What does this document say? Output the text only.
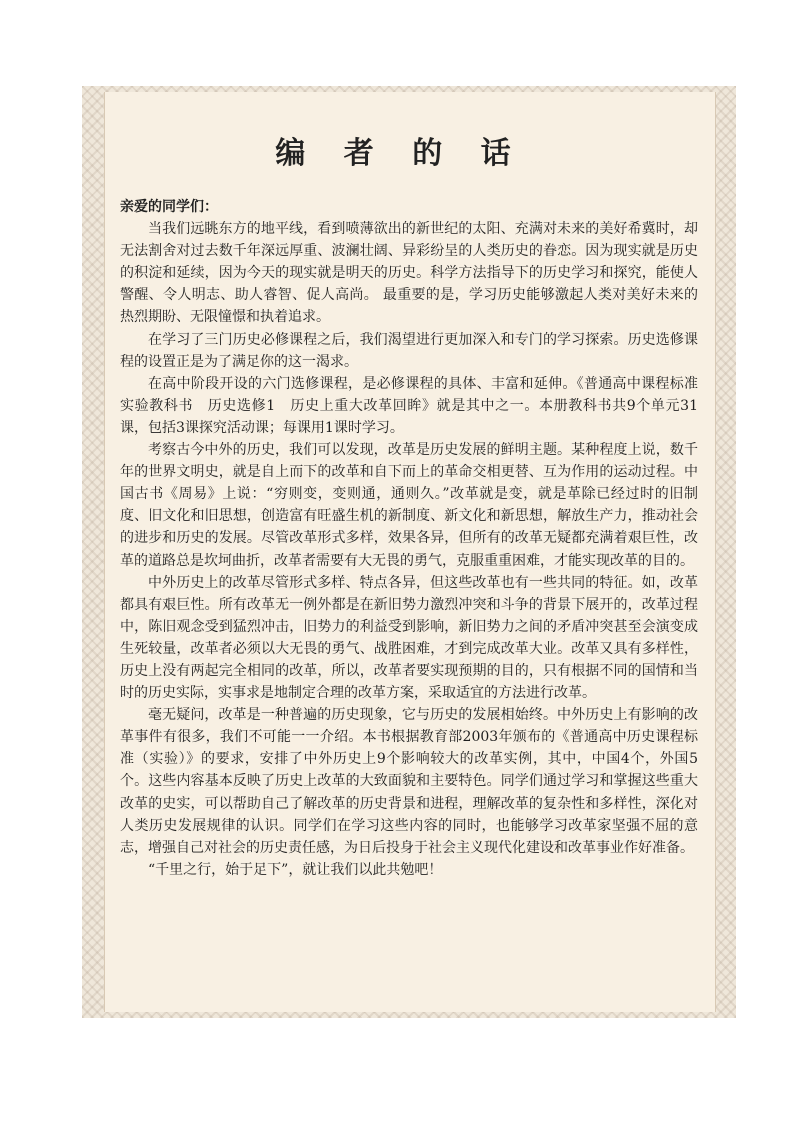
编 者 的 话

亲爱的同学们：

当我们远眺东方的地平线，看到喷薄欲出的新世纪的太阳、充满对未来的美好希冀时，却无法割舍对过去数千年深远厚重、波澜壮阔、异彩纷呈的人类历史的眷恋。因为现实就是历史的积淀和延续，因为今天的现实就是明天的历史。科学方法指导下的历史学习和探究，能使人警醒、令人明志、助人睿智、促人高尚。 最重要的是，学习历史能够激起人类对美好未来的热烈期盼、无限憧憬和执着追求。

在学习了三门历史必修课程之后，我们渴望进行更加深入和专门的学习探索。历史选修课程的设置正是为了满足你的这一渴求。

在高中阶段开设的六门选修课程，是必修课程的具体、丰富和延伸。《普通高中课程标准实验教科书　历史选修1　历史上重大改革回眸》就是其中之一。本册教科书共9个单元31课，包括3课探究活动课；每课用1课时学习。

考察古今中外的历史，我们可以发现，改革是历史发展的鲜明主题。某种程度上说，数千年的世界文明史，就是自上而下的改革和自下而上的革命交相更替、互为作用的运动过程。中国古书《周易》上说：“穷则变，变则通，通则久。”改革就是变，就是革除已经过时的旧制度、旧文化和旧思想，创造富有旺盛生机的新制度、新文化和新思想，解放生产力，推动社会的进步和历史的发展。尽管改革形式多样，效果各异，但所有的改革无疑都充满着艰巨性，改革的道路总是坎坷曲折，改革者需要有大无畏的勇气，克服重重困难，才能实现改革的目的。

中外历史上的改革尽管形式多样、特点各异，但这些改革也有一些共同的特征。如，改革都具有艰巨性。所有改革无一例外都是在新旧势力激烈冲突和斗争的背景下展开的，改革过程中，陈旧观念受到猛烈冲击，旧势力的利益受到影响，新旧势力之间的矛盾冲突甚至会演变成生死较量，改革者必须以大无畏的勇气、战胜困难，才到完成改革大业。改革又具有多样性，历史上没有两起完全相同的改革，所以，改革者要实现预期的目的，只有根据不同的国情和当时的历史实际，实事求是地制定合理的改革方案，采取适宜的方法进行改革。

毫无疑问，改革是一种普遍的历史现象，它与历史的发展相始终。中外历史上有影响的改革事件有很多，我们不可能一一介绍。本书根据教育部2003年颁布的《普通高中历史课程标准（实验）》的要求，安排了中外历史上9个影响较大的改革实例，其中，中国4个，外国5个。这些内容基本反映了历史上改革的大致面貌和主要特色。同学们通过学习和掌握这些重大改革的史实，可以帮助自己了解改革的历史背景和进程，理解改革的复杂性和多样性，深化对人类历史发展规律的认识。同学们在学习这些内容的同时，也能够学习改革家坚强不屈的意志，增强自己对社会的历史责任感，为日后投身于社会主义现代化建设和改革事业作好准备。

“千里之行，始于足下”，就让我们以此共勉吧！
